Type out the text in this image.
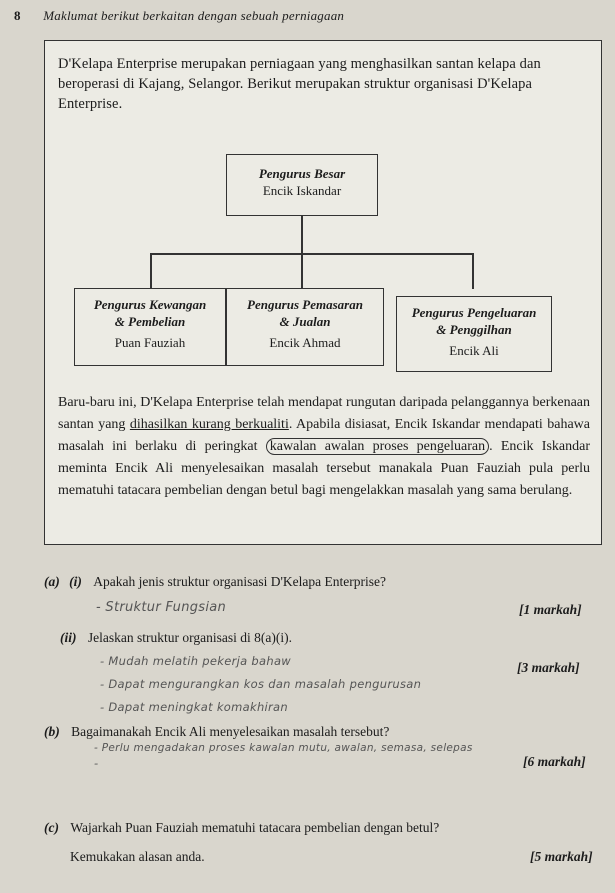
8 Maklumat berikut berkaitan dengan sebuah perniagaan

D'Kelapa Enterprise merupakan perniagaan yang menghasilkan santan kelapa dan beroperasi di Kajang, Selangor. Berikut merupakan struktur organisasi D'Kelapa Enterprise.

Pengurus Besar
Encik Iskandar
Pengurus Kewangan
& Pembelian
Puan Fauziah
Pengurus Pemasaran
& Jualan
Encik Ahmad
Pengurus Pengeluaran
& Penggilhan
Encik Ali

Baru-baru ini, D'Kelapa Enterprise telah mendapat rungutan daripada pelanggannya berkenaan santan yang dihasilkan kurang berkualiti. Apabila disiasat, Encik Iskandar mendapati bahawa masalah ini berlaku di peringkat kawalan awalan proses pengeluaran . Encik Iskandar meminta Encik Ali menyelesaikan masalah tersebut manakala Puan Fauziah pula perlu mematuhi tatacara pembelian dengan betul bagi mengelakkan masalah yang sama berulang.

(a) (i) Apakah jenis struktur organisasi D'Kelapa Enterprise?
- Struktur Fungsian	[1 markah]
(ii) Jelaskan struktur organisasi di 8(a)(i).
- Mudah melatih pekerja bahaw	[3 markah]
- Dapat mengurangkan kos dan masalah pengurusan
- Dapat meningkat komakhiran
(b) Bagaimanakah Encik Ali menyelesaikan masalah tersebut?
- Perlu mengadakan proses kawalan mutu, awalan, semasa, selepas
-	[6 markah]
(c) Wajarkah Puan Fauziah mematuhi tatacara pembelian dengan betul?
Kemukakan alasan anda.	[5 markah]
